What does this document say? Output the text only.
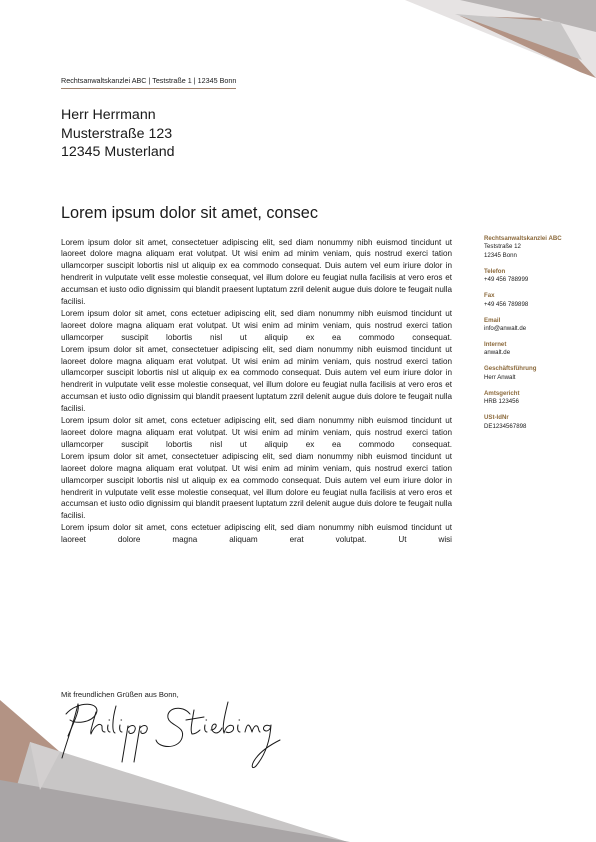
Rechtsanwaltskanzlei ABC | Teststraße 1 | 12345 Bonn
Herr Herrmann
Musterstraße 123
12345 Musterland
Lorem ipsum dolor sit amet, consec

Lorem ipsum dolor sit amet, consectetuer adipiscing elit, sed diam nonummy nibh euismod tincidunt ut laoreet dolore magna aliquam erat volutpat. Ut wisi enim ad minim veniam, quis nostrud exerci tation ullamcorper suscipit lobortis nisl ut aliquip ex ea commodo consequat. Duis autem vel eum iriure dolor in hendrerit in vulputate velit esse molestie consequat, vel illum dolore eu feugiat nulla facilisis at vero eros et accumsan et iusto odio dignissim qui blandit praesent luptatum zzril delenit augue duis dolore te feugait nulla facilisi.

Lorem ipsum dolor sit amet, cons ectetuer adipiscing elit, sed diam nonummy nibh euismod tincidunt ut laoreet dolore magna aliquam erat volutpat. Ut wisi enim ad minim veniam, quis nostrud exerci tation ullamcorper suscipit lobortis nisl ut aliquip ex ea commodo consequat.

Lorem ipsum dolor sit amet, consectetuer adipiscing elit, sed diam nonummy nibh euismod tincidunt ut laoreet dolore magna aliquam erat volutpat. Ut wisi enim ad minim veniam, quis nostrud exerci tation ullamcorper suscipit lobortis nisl ut aliquip ex ea commodo consequat. Duis autem vel eum iriure dolor in hendrerit in vulputate velit esse molestie consequat, vel illum dolore eu feugiat nulla facilisis at vero eros et accumsan et iusto odio dignissim qui blandit praesent luptatum zzril delenit augue duis dolore te feugait nulla facilisi.

Lorem ipsum dolor sit amet, cons ectetuer adipiscing elit, sed diam nonummy nibh euismod tincidunt ut laoreet dolore magna aliquam erat volutpat. Ut wisi enim ad minim veniam, quis nostrud exerci tation ullamcorper suscipit lobortis nisl ut aliquip ex ea commodo consequat.

Lorem ipsum dolor sit amet, consectetuer adipiscing elit, sed diam nonummy nibh euismod tincidunt ut laoreet dolore magna aliquam erat volutpat. Ut wisi enim ad minim veniam, quis nostrud exerci tation ullamcorper suscipit lobortis nisl ut aliquip ex ea commodo consequat. Duis autem vel eum iriure dolor in hendrerit in vulputate velit esse molestie consequat, vel illum dolore eu feugiat nulla facilisis at vero eros et accumsan et iusto odio dignissim qui blandit praesent luptatum zzril delenit augue duis dolore te feugait nulla facilisi.

Lorem ipsum dolor sit amet, cons ectetuer adipiscing elit, sed diam nonummy nibh euismod tincidunt ut laoreet dolore magna aliquam erat volutpat. Ut wisi

Mit freundlichen Grüßen aus Bonn,
Rechtsanwaltskanzlei ABC
Teststraße 12
12345 Bonn
Telefon
+49 456 788999
Fax
+49 456 789898
Email
info@anwalt.de
Internet
anwalt.de
Geschäftsführung
Herr Anwalt
Amtsgericht
HRB 123456
USt-IdNr
DE1234567898
